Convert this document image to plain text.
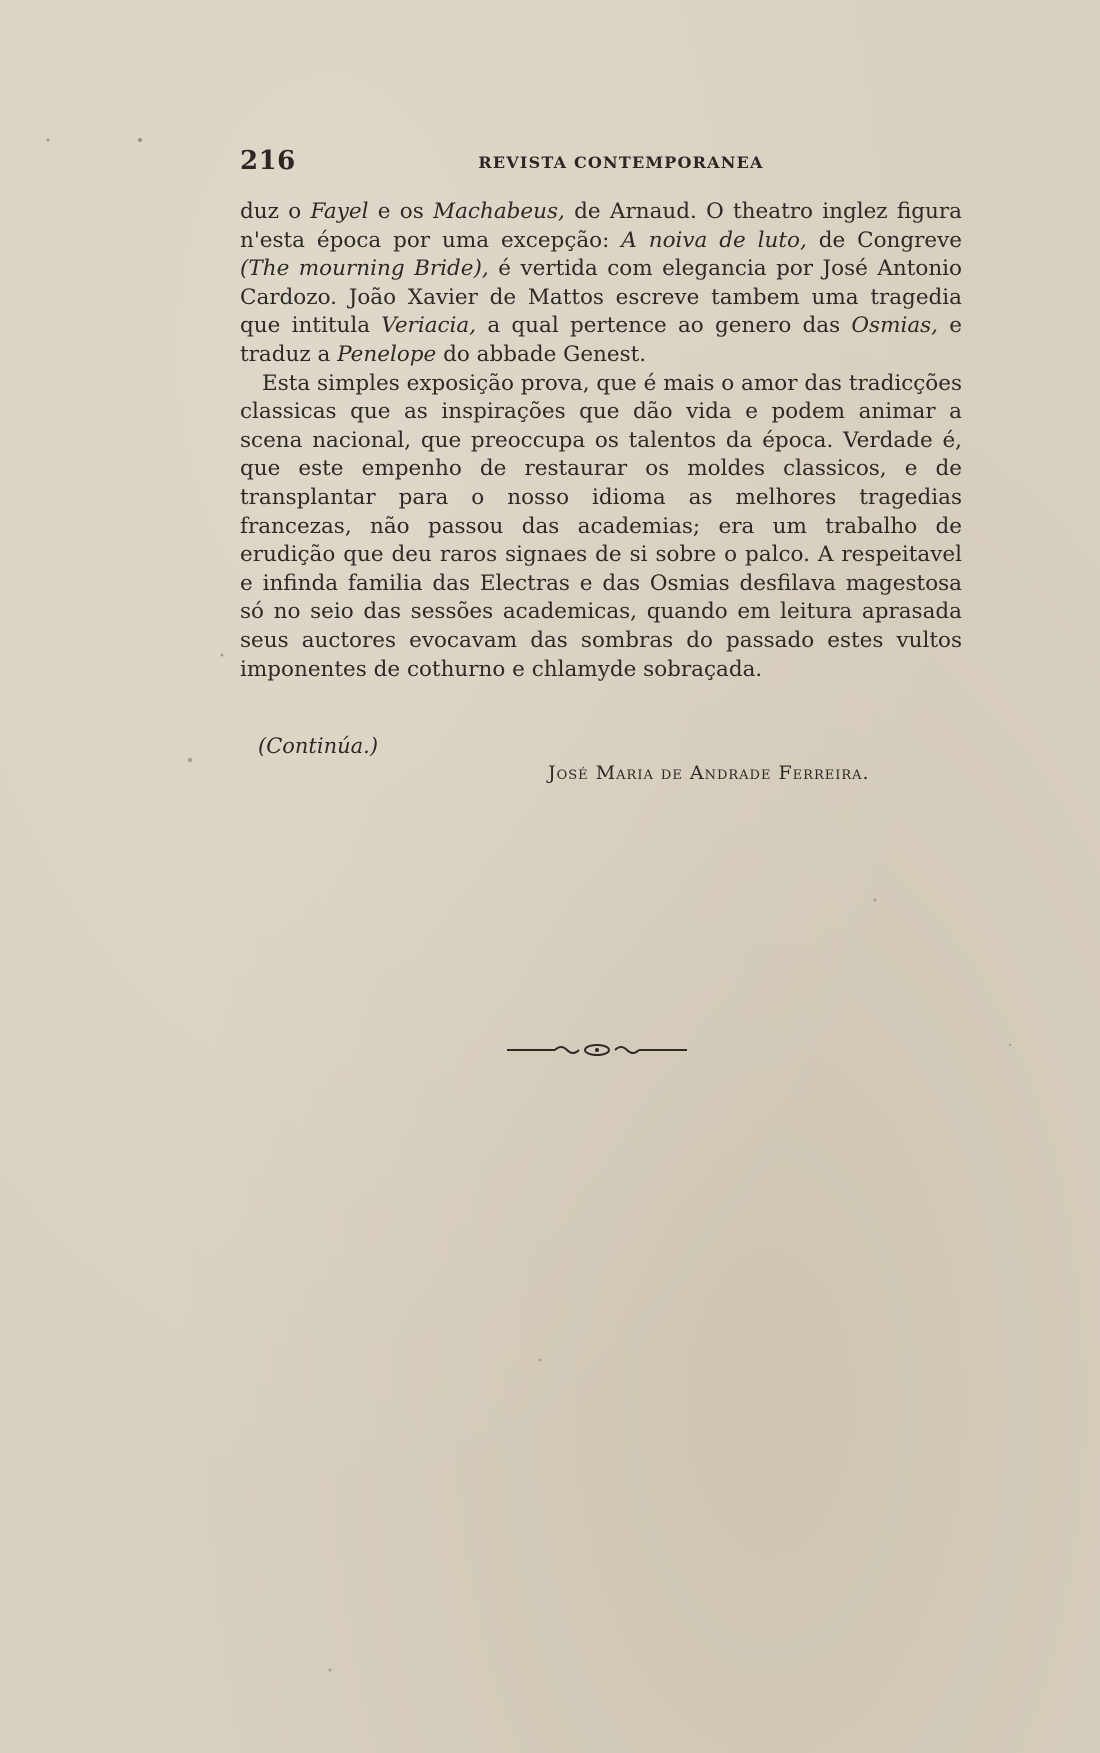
216	REVISTA CONTEMPORANEA

duz o Fayel e os Machabeus, de Arnaud. O theatro inglez figura n'esta época por uma excepção: A noiva de luto, de Congreve (The mourning Bride), é vertida com elegancia por José Antonio Cardozo. João Xavier de Mattos escreve tambem uma tragedia que intitula Veriacia, a qual pertence ao genero das Osmias, e traduz a Penelope do abbade Genest.

Esta simples exposição prova, que é mais o amor das tradicções classicas que as inspirações que dão vida e podem animar a scena nacional, que preoccupa os talentos da época. Verdade é, que este empenho de restaurar os moldes classicos, e de transplantar para o nosso idioma as melhores tragedias francezas, não passou das academias; era um trabalho de erudição que deu raros signaes de si sobre o palco. A respeitavel e infinda familia das Electras e das Osmias desfilava magestosa só no seio das sessões academicas, quando em leitura aprasada seus auctores evocavam das sombras do passado estes vultos imponentes de cothurno e chlamyde sobraçada.

(Continúa.)
José Maria de Andrade Ferreira.
